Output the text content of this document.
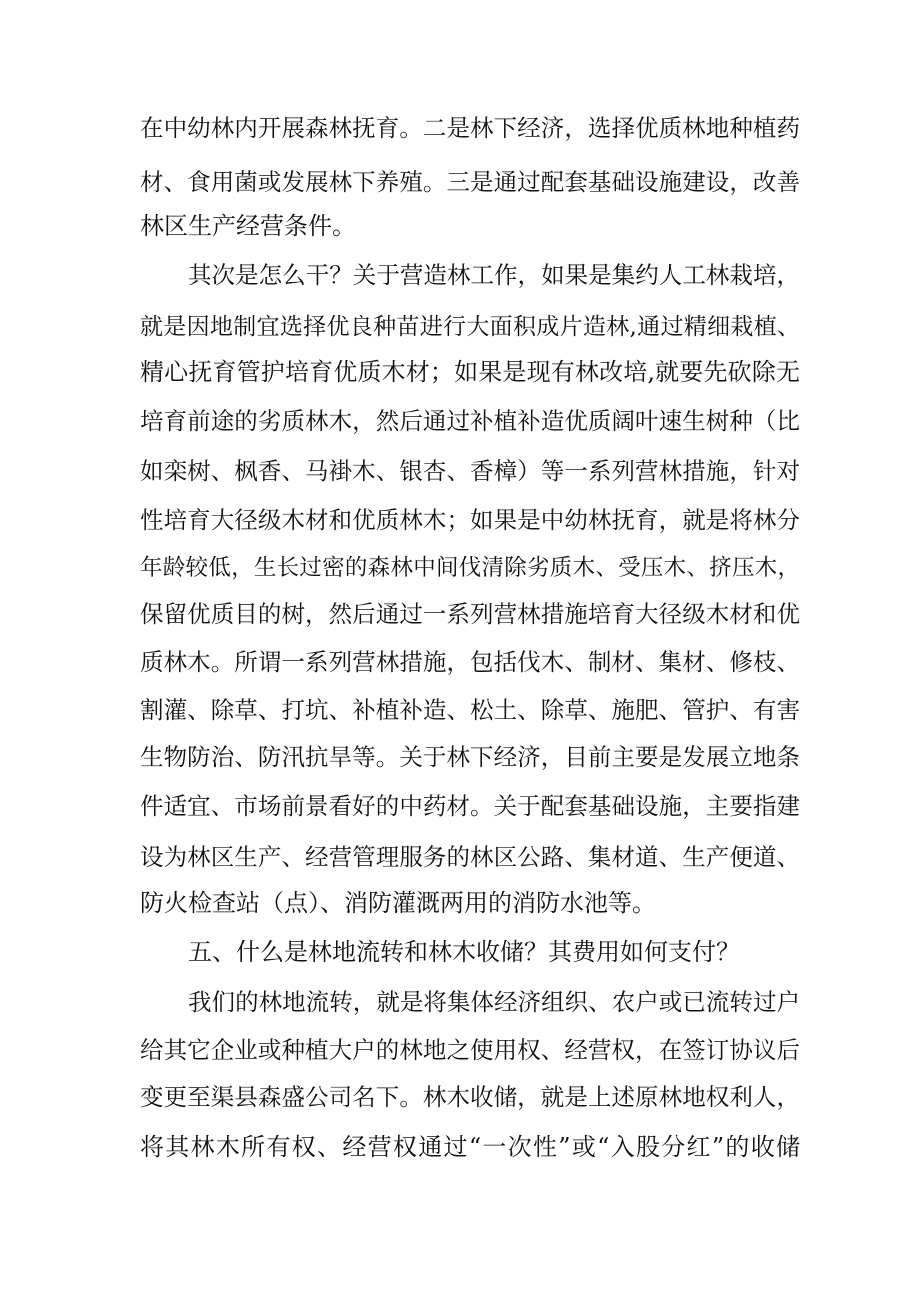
在中幼林内开展森林抚育。二是林下经济，选择优质林地种植药
材、食用菌或发展林下养殖。三是通过配套基础设施建设，改善
林区生产经营条件。
其次是怎么干？关于营造林工作，如果是集约人工林栽培，
就是因地制宜选择优良种苗进行大面积成片造林,通过精细栽植、
精心抚育管护培育优质木材；如果是现有林改培,就要先砍除无
培育前途的劣质林木，然后通过补植补造优质阔叶速生树种（比
如栾树、枫香、马褂木、银杏、香樟）等一系列营林措施，针对
性培育大径级木材和优质林木；如果是中幼林抚育，就是将林分
年龄较低，生长过密的森林中间伐清除劣质木、受压木、挤压木，
保留优质目的树，然后通过一系列营林措施培育大径级木材和优
质林木。所谓一系列营林措施，包括伐木、制材、集材、修枝、
割灌、除草、打坑、补植补造、松土、除草、施肥、管护、有害
生物防治、防汛抗旱等。关于林下经济，目前主要是发展立地条
件适宜、市场前景看好的中药材。关于配套基础设施，主要指建
设为林区生产、经营管理服务的林区公路、集材道、生产便道、
防火检查站（点）、消防灌溉两用的消防水池等。
五、什么是林地流转和林木收储？其费用如何支付？
我们的林地流转，就是将集体经济组织、农户或已流转过户
给其它企业或种植大户的林地之使用权、经营权，在签订协议后
变更至渠县森盛公司名下。林木收储，就是上述原林地权利人，
将其林木所有权、经营权通过“一次性”或“入股分红”的收储
